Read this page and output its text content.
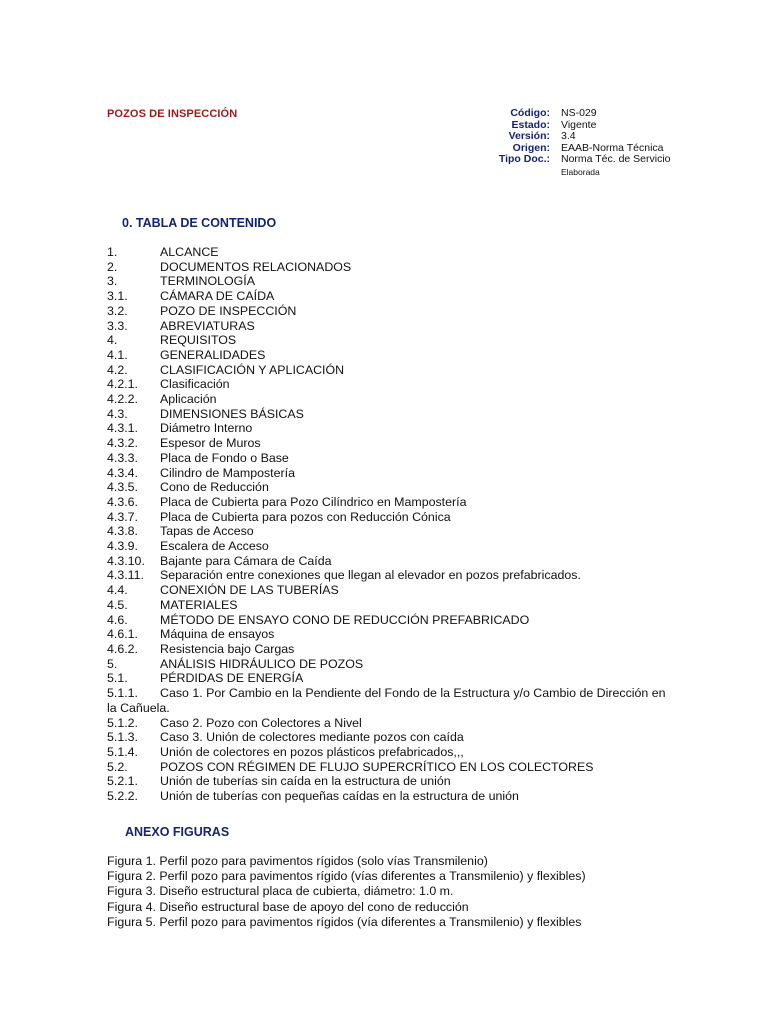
POZOS DE INSPECCIÓN	Código:	NS-029
Estado:	Vigente
Versión:	3.4
Origen:	EAAB-Norma Técnica
Tipo Doc.:	Norma Téc. de Servicio
Elaborada
0. TABLA DE CONTENIDO
1.	ALCANCE
2.	DOCUMENTOS RELACIONADOS
3.	TERMINOLOGÍA
3.1.	CÁMARA DE CAÍDA
3.2.	POZO DE INSPECCIÓN
3.3.	ABREVIATURAS
4.	REQUISITOS
4.1.	GENERALIDADES
4.2.	CLASIFICACIÓN Y APLICACIÓN
4.2.1.	Clasificación
4.2.2.	Aplicación
4.3.	DIMENSIONES BÁSICAS
4.3.1.	Diámetro Interno
4.3.2.	Espesor de Muros
4.3.3.	Placa de Fondo o Base
4.3.4.	Cilindro de Mampostería
4.3.5.	Cono de Reducción
4.3.6.	Placa de Cubierta para Pozo Cilíndrico en Mampostería
4.3.7.	Placa de Cubierta para pozos con Reducción Cónica
4.3.8.	Tapas de Acceso
4.3.9.	Escalera de Acceso
4.3.10.	Bajante para Cámara de Caída
4.3.11.	Separación entre conexiones que llegan al elevador en pozos prefabricados.
4.4.	CONEXIÓN DE LAS TUBERÍAS
4.5.	MATERIALES
4.6.	MÉTODO DE ENSAYO CONO DE REDUCCIÓN PREFABRICADO
4.6.1.	Máquina de ensayos
4.6.2.	Resistencia bajo Cargas
5.	ANÁLISIS HIDRÁULICO DE POZOS
5.1.	PÉRDIDAS DE ENERGÍA
5.1.1. Caso 1. Por Cambio en la Pendiente del Fondo de la Estructura y/o Cambio de Dirección en la Cañuela.
5.1.2.	Caso 2. Pozo con Colectores a Nivel
5.1.3.	Caso 3. Unión de colectores mediante pozos con caída
5.1.4.	Unión de colectores en pozos plásticos prefabricados,,,
5.2.	POZOS CON RÉGIMEN DE FLUJO SUPERCRÍTICO EN LOS COLECTORES
5.2.1.	Unión de tuberías sin caída en la estructura de unión
5.2.2.	Unión de tuberías con pequeñas caídas en la estructura de unión
ANEXO FIGURAS
Figura 1. Perfil pozo para pavimentos rígidos (solo vías Transmilenio)
Figura 2. Perfil pozo para pavimentos rígido (vías diferentes a Transmilenio) y flexibles)
Figura 3. Diseño estructural placa de cubierta, diámetro: 1.0 m.
Figura 4. Diseño estructural base de apoyo del cono de reducción
Figura 5. Perfil pozo para pavimentos rígidos (vía diferentes a Transmilenio) y flexibles
